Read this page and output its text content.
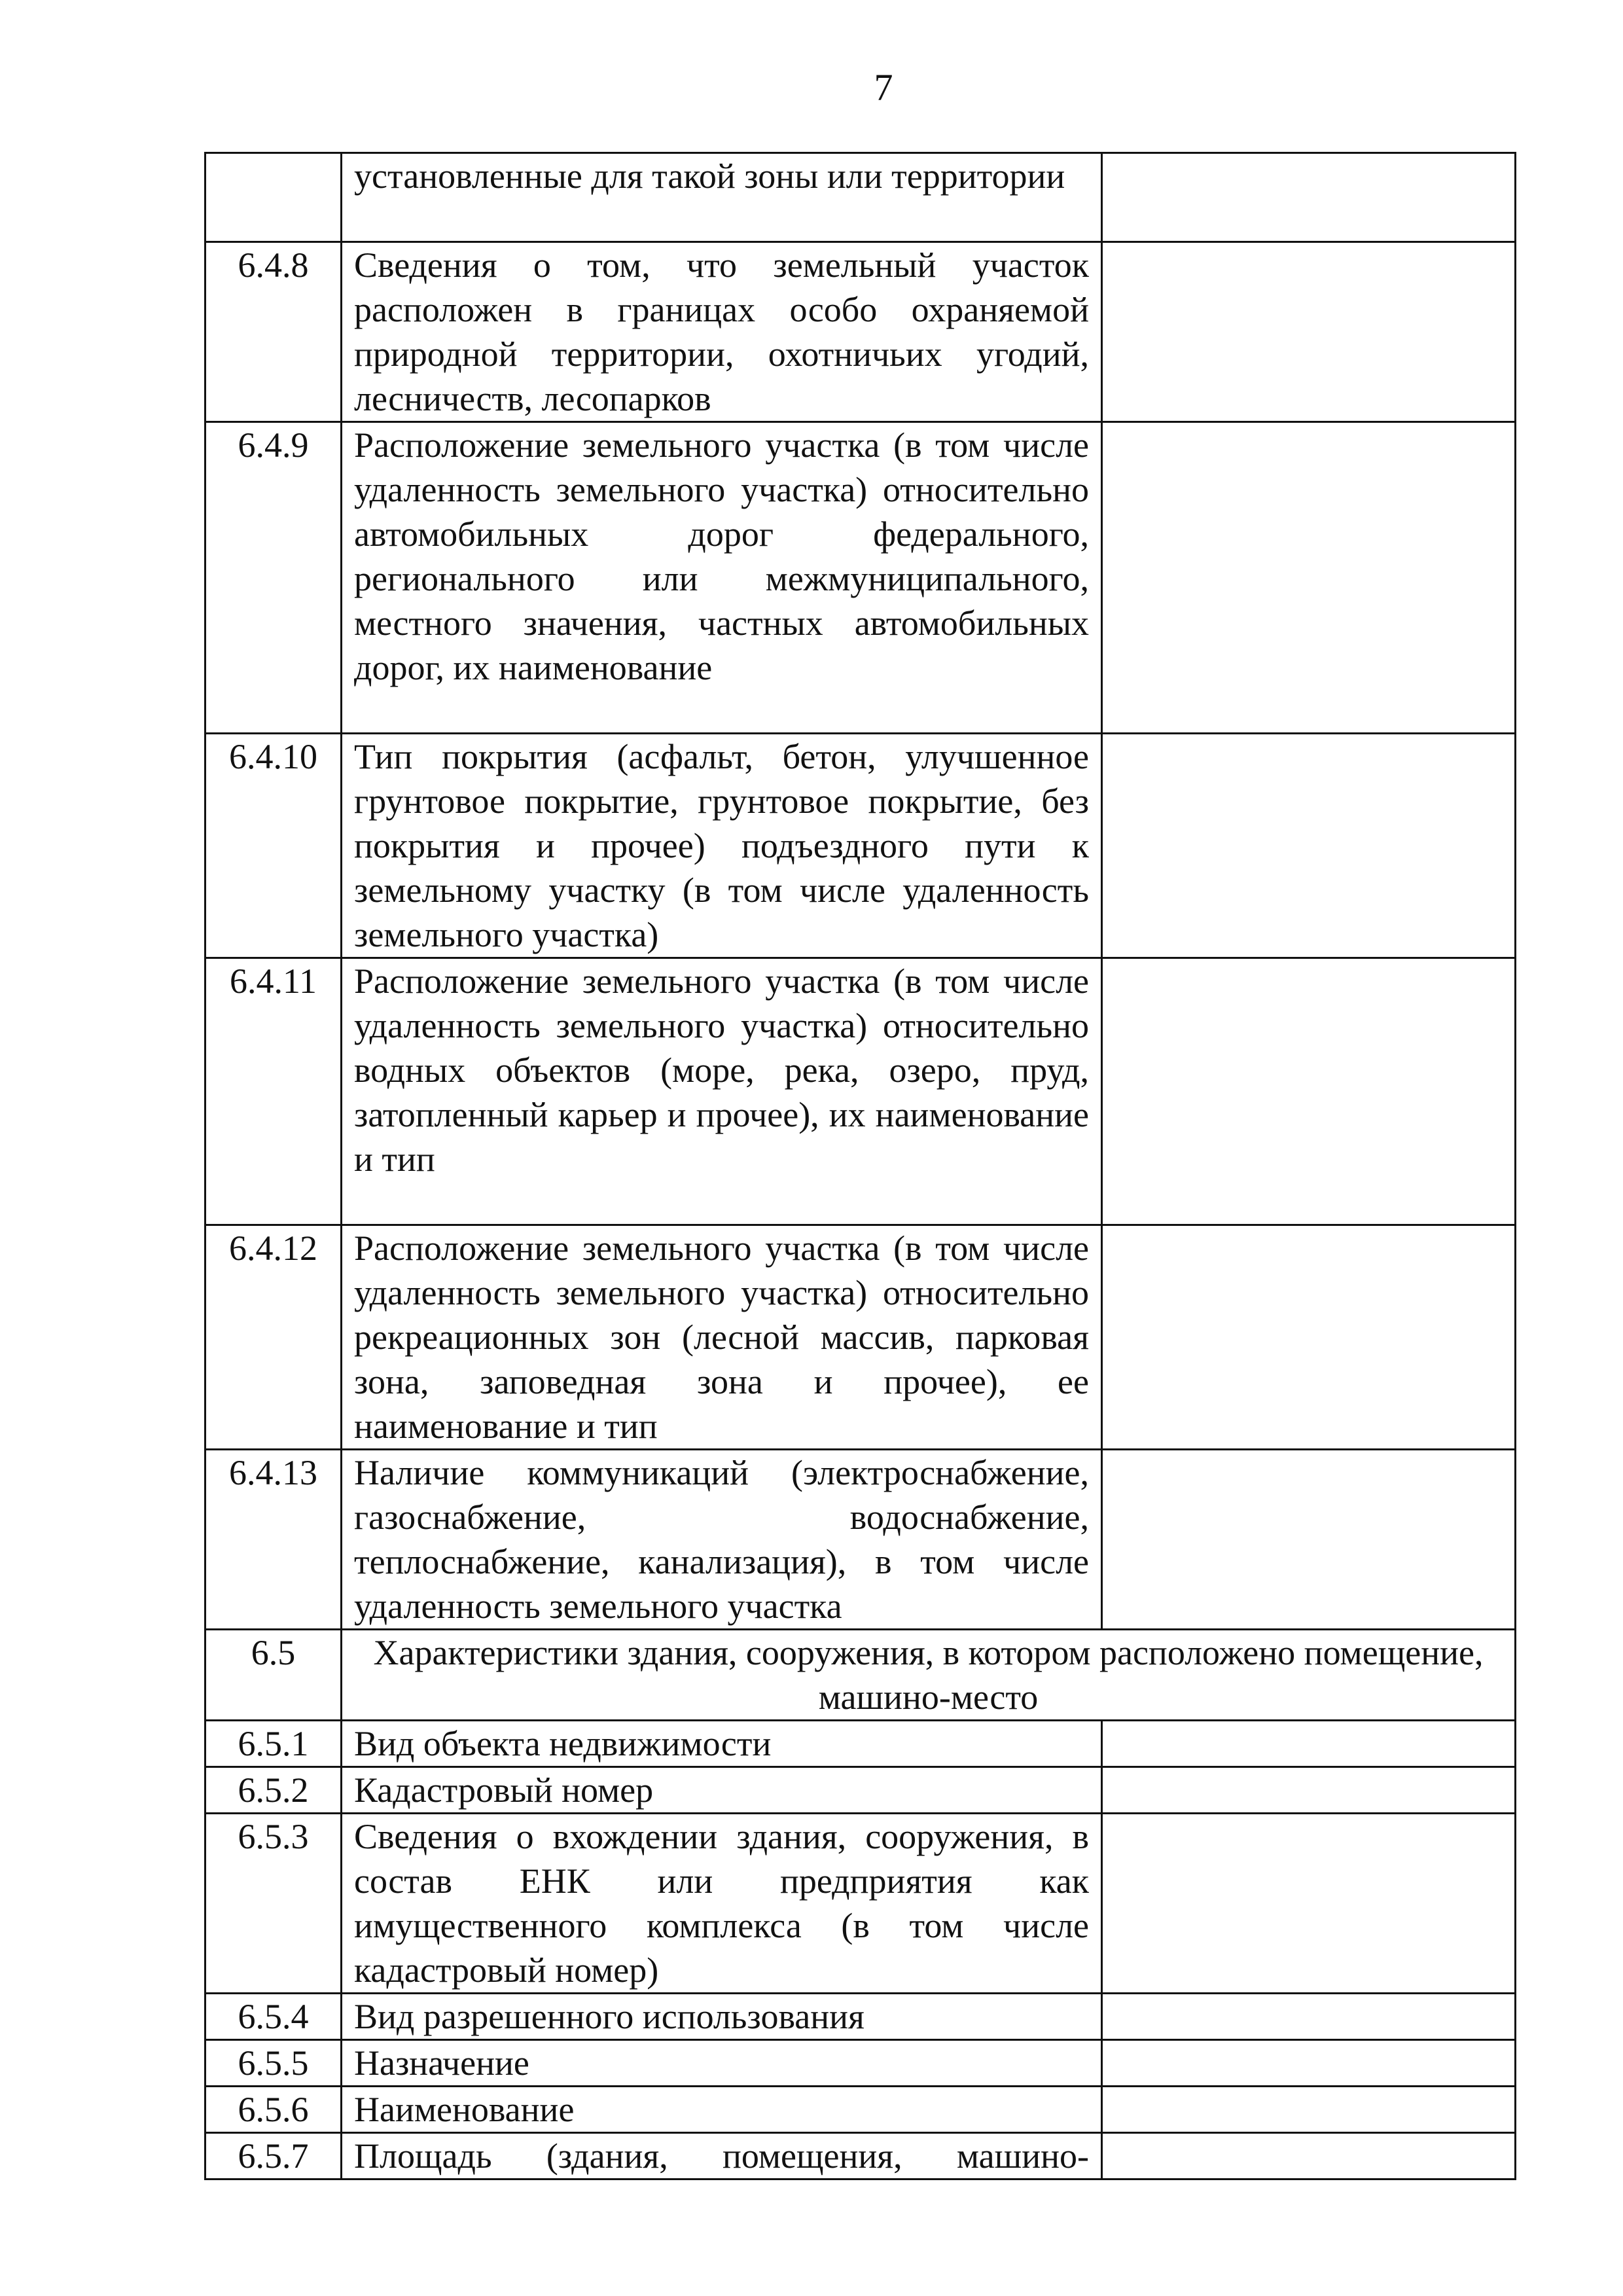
7
	установленные для такой зоны или территории	
6.4.8	Сведения о том, что земельный участок расположен в границах особо охраняемой природной территории, охотничьих угодий, лесничеств, лесопарков	
6.4.9	Расположение земельного участка (в том числе удаленность земельного участка) относительно автомобильных дорог федерального, регионального или межмуниципального, местного значения, частных автомобильных дорог, их наименование	
6.4.10	Тип покрытия (асфальт, бетон, улучшенное грунтовое покрытие, грунтовое покрытие, без покрытия и прочее) подъездного пути к земельному участку (в том числе удаленность земельного участка)	
6.4.11	Расположение земельного участка (в том числе удаленность земельного участка) относительно водных объектов (море, река, озеро, пруд, затопленный карьер и прочее), их наименование и тип	
6.4.12	Расположение земельного участка (в том числе удаленность земельного участка) относительно рекреационных зон (лесной массив, парковая зона, заповедная зона и прочее), ее наименование и тип	
6.4.13	Наличие коммуникаций (электроснабжение, газоснабжение, водоснабжение, теплоснабжение, канализация), в том числе удаленность земельного участка	
6.5	Характеристики здания, сооружения, в котором расположено помещение, машино-место	
6.5.1	Вид объекта недвижимости	
6.5.2	Кадастровый номер	
6.5.3	Сведения о вхождении здания, сооружения, в состав ЕНК или предприятия как имущественного комплекса (в том числе кадастровый номер)	
6.5.4	Вид разрешенного использования	
6.5.5	Назначение	
6.5.6	Наименование	
6.5.7	Площадь (здания, помещения, машино-	
